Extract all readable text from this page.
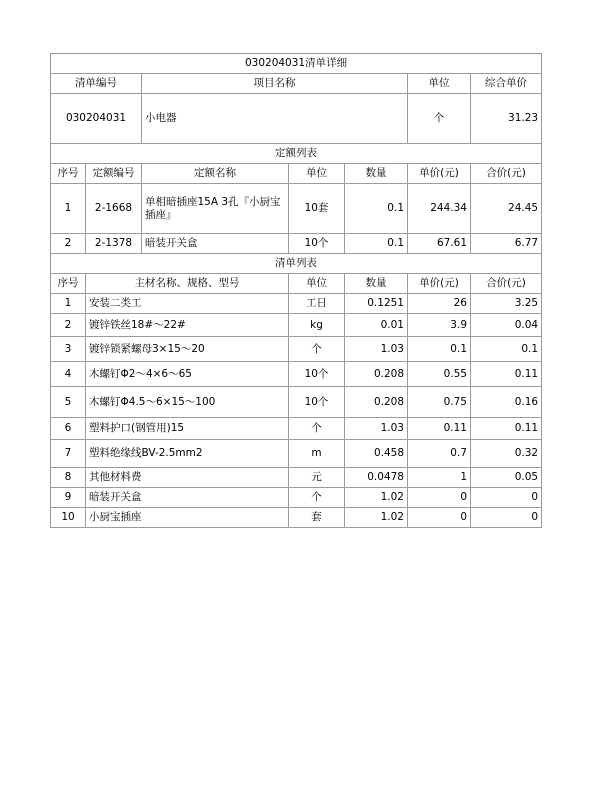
030204031清单详细						
清单编号		项目名称			单位	综合单价
030204031		小电器			个	31.23
定额列表						
序号	定额编号	定额名称	单位	数量	单价(元)	合价(元)
1	2-1668	单相暗插座15A 3孔『小厨宝插座』	10套	0.1	244.34	24.45
2	2-1378	暗装开关盒	10个	0.1	67.61	6.77
清单列表						
序号	主材名称、规格、型号		单位	数量	单价(元)	合价(元)
1	安装二类工		工日	0.1251	26	3.25
2	镀锌铁丝18#～22#		kg	0.01	3.9	0.04
3	镀锌锁紧螺母3×15～20		个	1.03	0.1	0.1
4	木螺钉Φ2～4×6～65		10个	0.208	0.55	0.11
5	木螺钉Φ4.5～6×15～100		10个	0.208	0.75	0.16
6	塑料护口(钢管用)15		个	1.03	0.11	0.11
7	塑料绝缘线BV-2.5mm2		m	0.458	0.7	0.32
8	其他材料费		元	0.0478	1	0.05
9	暗装开关盒		个	1.02	0	0
10	小厨宝插座		套	1.02	0	0
